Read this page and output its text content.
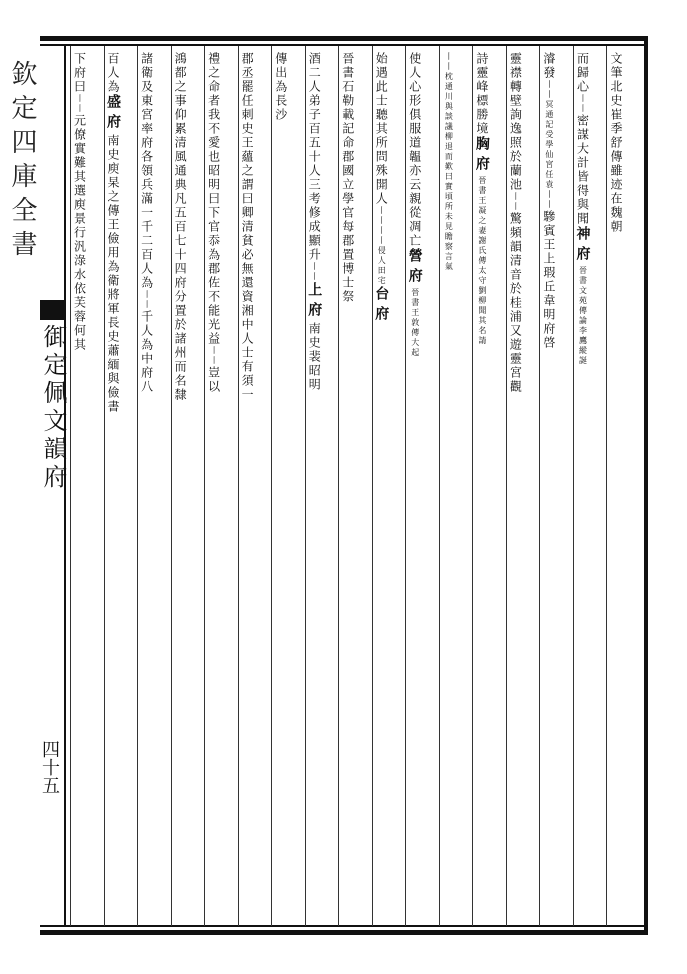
欽定四庫全書
御定佩文韻府
四十五
文筆北史崔季舒傳雖迹在魏朝
而歸心丨丨密謀大計皆得與聞神府晉書文苑傳論李鷹縱誕
濬發丨丨冥通記受學仙宮任袁丨丨驂賓王上瑕丘韋明府啓
靈襟轉壁詢逸照於蘭池丨丨驚頻韻清音於桂浦又遊靈宮觀
詩靈峰標勝境胸府晉書王凝之妻謝氏傳太守劉柳聞其名請
丨丨枕通川與談議柳退而歎曰實頃所未見瞻察言氣
使人心形俱服道韞亦云親從凋亡營府晉書王敦傳大起
始遇此士聽其所問殊開人丨丨丨丨侵人田宅台府
晉書石勒載記命郡國立學官每郡置博士祭
酒二人弟子百五十人三考修成顯升丨丨上府南史裴昭明
傳出為長沙
郡丞罷任刺史王蘊之謂曰卿清貧必無還資湘中人士有須一
禮之命者我不愛也昭明曰下官忝為郡佐不能光益丨丨豈以
鴻都之事仰累清風通典凡五百七十四府分置於諸州而名隸
諸衛及東宮率府各領兵滿一千二百人為丨丨千人為中府八
百人為盛府南史庾杲之傳王儉用為衛將軍長史蕭緬與儉書
下府曰丨丨元僚實難其選庾景行汎淥水依芙蓉何其
